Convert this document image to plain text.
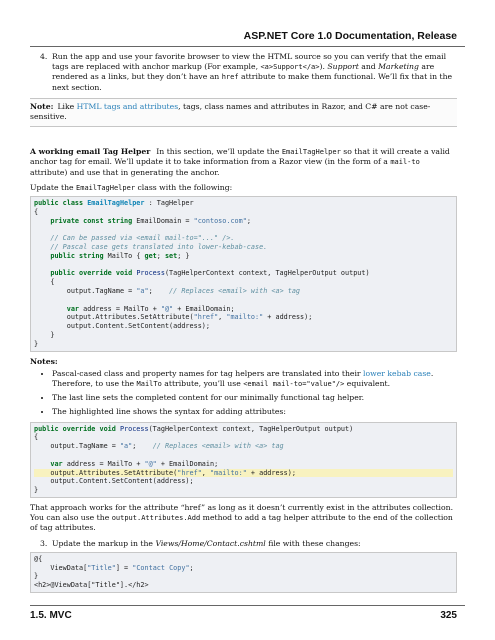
ASP.NET Core 1.0 Documentation, Release
4. Run the app and use your favorite browser to view the HTML source so you can verify that the email tags are replaced with anchor markup (For example, <a>Support</a>). Support and Marketing are rendered as a links, but they don’t have an href attribute to make them functional. We’ll fix that in the next section.

Note: Like HTML tags and attributes, tags, class names and attributes in Razor, and C# are not case-sensitive.

A working email Tag Helper In this section, we’ll update the EmailTagHelper so that it will create a valid anchor tag for email. We’ll update it to take information from a Razor view (in the form of a mail-to attribute) and use that in generating the anchor.

Update the EmailTagHelper class with the following:

public class EmailTagHelper : TagHelper
{
private const string EmailDomain = "contoso.com";

// Can be passed via <email mail-to="..." />.
// Pascal case gets translated into lower-kebab-case.
public string MailTo { get; set; }

public override void Process(TagHelperContext context, TagHelperOutput output)
{
output.TagName = "a"; // Replaces <email> with <a> tag

var address = MailTo + "@" + EmailDomain;
output.Attributes.SetAttribute("href", "mailto:" + address);
output.Content.SetContent(address);
}
}

Notes:

• Pascal-cased class and property names for tag helpers are translated into their lower kebab case. Therefore, to use the MailTo attribute, you’ll use <email mail-to="value"/> equivalent.
• The last line sets the completed content for our minimally functional tag helper.
• The highlighted line shows the syntax for adding attributes:
public override void Process(TagHelperContext context, TagHelperOutput output)
{
output.TagName = "a"; // Replaces <email> with <a> tag

var address = MailTo + "@" + EmailDomain;
output.Attributes.SetAttribute("href", "mailto:" + address);
output.Content.SetContent(address);
}

That approach works for the attribute “href” as long as it doesn’t currently exist in the attributes collection. You can also use the output.Attributes.Add method to add a tag helper attribute to the end of the collection of tag attributes.

3. Update the markup in the Views/Home/Contact.cshtml file with these changes:

@{
ViewData["Title"] = "Contact Copy";
}
<h2>@ViewData["Title"].</h2>
1.5. MVC	325
